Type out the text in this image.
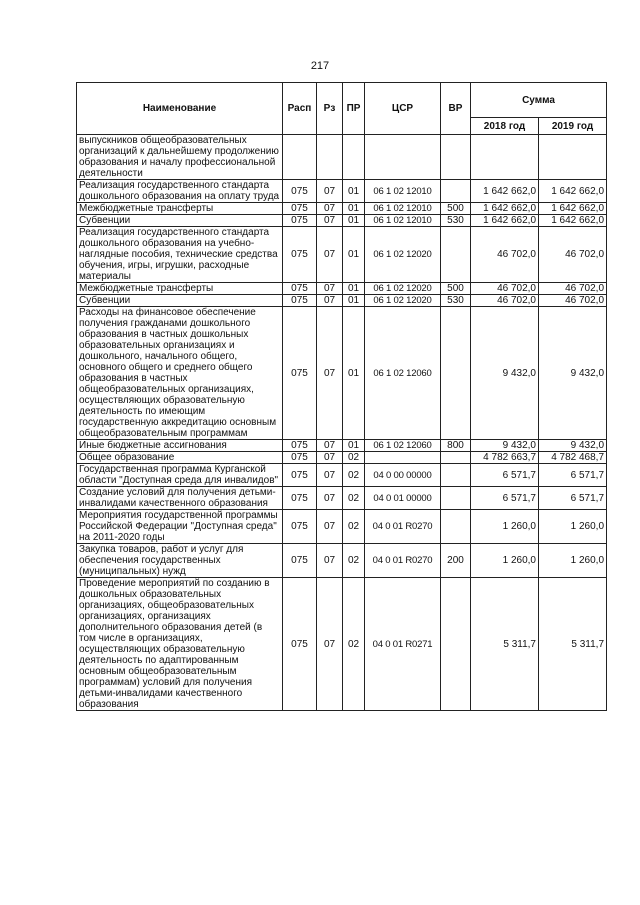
217
Наименование	Расп	Рз	ПР	ЦСР	ВР	Сумма	
						2018 год	2019 год
выпускников общеобразовательных организаций к дальнейшему продолжению образования и началу профессиональной деятельности							
Реализация государственного стандарта дошкольного образования на оплату труда	075	07	01	06 1 02 12010		1 642 662,0	1 642 662,0
Межбюджетные трансферты	075	07	01	06 1 02 12010	500	1 642 662,0	1 642 662,0
Субвенции	075	07	01	06 1 02 12010	530	1 642 662,0	1 642 662,0
Реализация государственного стандарта дошкольного образования на учебно-наглядные пособия, технические средства обучения, игры, игрушки, расходные материалы	075	07	01	06 1 02 12020		46 702,0	46 702,0
Межбюджетные трансферты	075	07	01	06 1 02 12020	500	46 702,0	46 702,0
Субвенции	075	07	01	06 1 02 12020	530	46 702,0	46 702,0
Расходы на финансовое обеспечение получения гражданами дошкольного образования в частных дошкольных образовательных организациях и дошкольного, начального общего, основного общего и среднего общего образования в частных общеобразовательных организациях, осуществляющих образовательную деятельность по имеющим государственную аккредитацию основным общеобразовательным программам	075	07	01	06 1 02 12060		9 432,0	9 432,0
Иные бюджетные ассигнования	075	07	01	06 1 02 12060	800	9 432,0	9 432,0
Общее образование	075	07	02			4 782 663,7	4 782 468,7
Государственная программа Курганской области "Доступная среда для инвалидов"	075	07	02	04 0 00 00000		6 571,7	6 571,7
Создание условий для получения детьми-инвалидами качественного образования	075	07	02	04 0 01 00000		6 571,7	6 571,7
Мероприятия государственной программы Российской Федерации "Доступная среда" на 2011-2020 годы	075	07	02	04 0 01 R0270		1 260,0	1 260,0
Закупка товаров, работ и услуг для обеспечения государственных (муниципальных) нужд	075	07	02	04 0 01 R0270	200	1 260,0	1 260,0
Проведение мероприятий по созданию в дошкольных образовательных организациях, общеобразовательных организациях, организациях дополнительного образования детей (в том числе в организациях, осуществляющих образовательную деятельность по адаптированным основным общеобразовательным программам) условий для получения детьми-инвалидами качественного образования	075	07	02	04 0 01 R0271		5 311,7	5 311,7
